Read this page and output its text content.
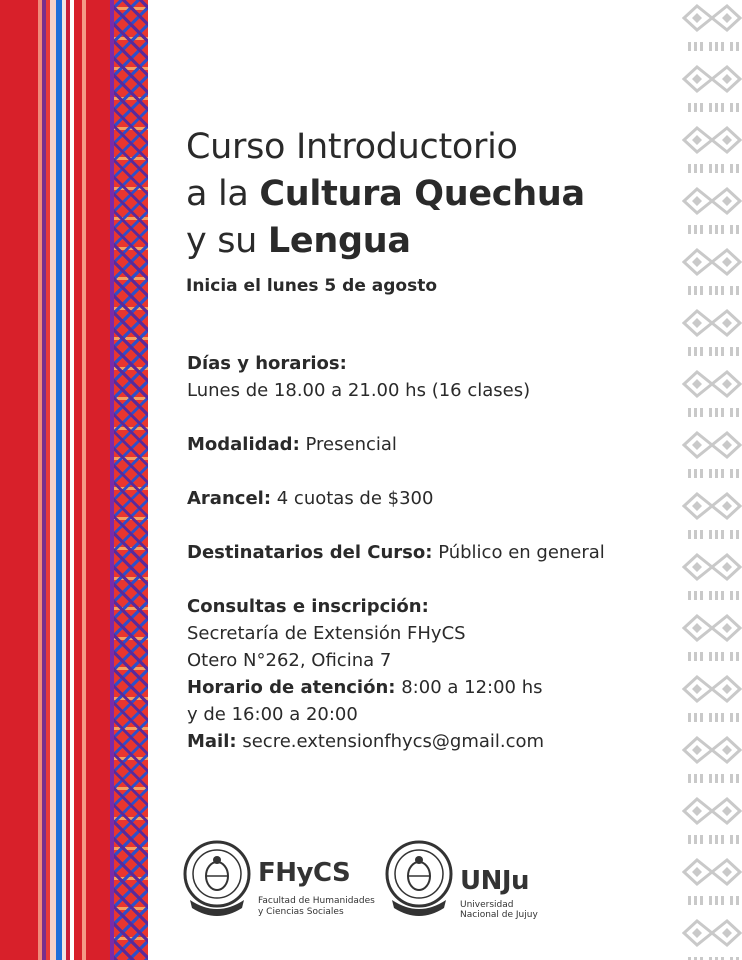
Curso Introductorio
a la Cultura Quechua
y su Lengua
Inicia el lunes 5 de agosto
Días y horarios:
Lunes de 18.00 a 21.00 hs (16 clases)
Modalidad: Presencial
Arancel: 4 cuotas de $300
Destinatarios del Curso: Público en general
Consultas e inscripción:
Secretaría de Extensión FHyCS
Otero N°262, Oficina 7
Horario de atención: 8:00 a 12:00 hs
y de 16:00 a 20:00
Mail: secre.extensionfhycs@gmail.com
FHyCS
Facultad de Humanidades
y Ciencias Sociales
UNJu
Universidad
Nacional de Jujuy
